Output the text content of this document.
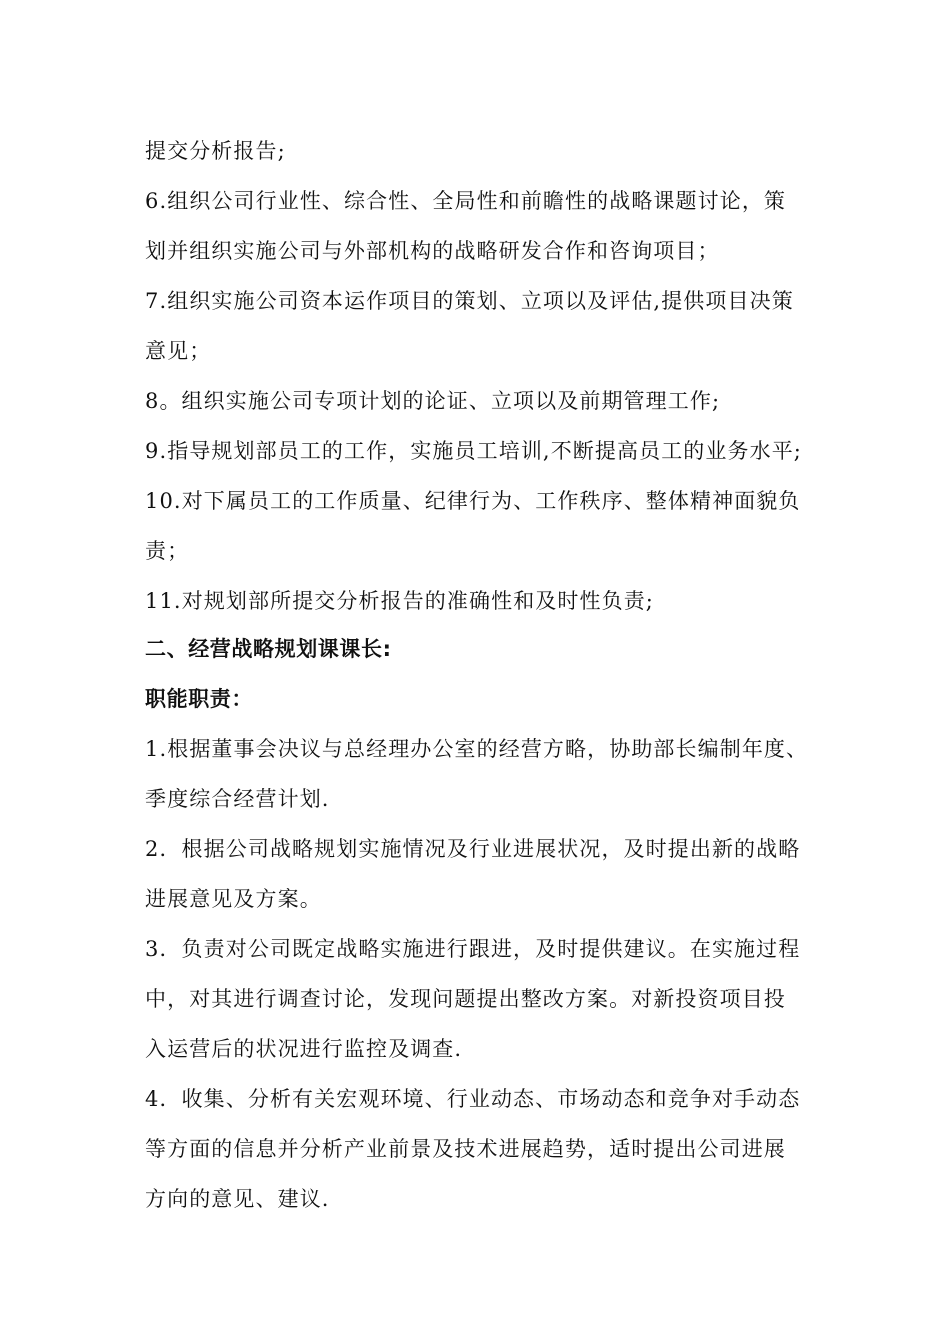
提交分析报告;
6.组织公司行业性、综合性、全局性和前瞻性的战略课题讨论，策
划并组织实施公司与外部机构的战略研发合作和咨询项目；
7.组织实施公司资本运作项目的策划、立项以及评估,提供项目决策
意见；
8。组织实施公司专项计划的论证、立项以及前期管理工作;
9.指导规划部员工的工作，实施员工培训,不断提高员工的业务水平;
10.对下属员工的工作质量、纪律行为、工作秩序、整体精神面貌负
责；
11.对规划部所提交分析报告的准确性和及时性负责;
二、经营战略规划课课长:
职能职责：
1.根据董事会决议与总经理办公室的经营方略，协助部长编制年度、
季度综合经营计划.
2．根据公司战略规划实施情况及行业进展状况，及时提出新的战略
进展意见及方案。
3．负责对公司既定战略实施进行跟进，及时提供建议。在实施过程
中，对其进行调查讨论，发现问题提出整改方案。对新投资项目投
入运营后的状况进行监控及调查.
4．收集、分析有关宏观环境、行业动态、市场动态和竞争对手动态
等方面的信息并分析产业前景及技术进展趋势，适时提出公司进展
方向的意见、建议.
